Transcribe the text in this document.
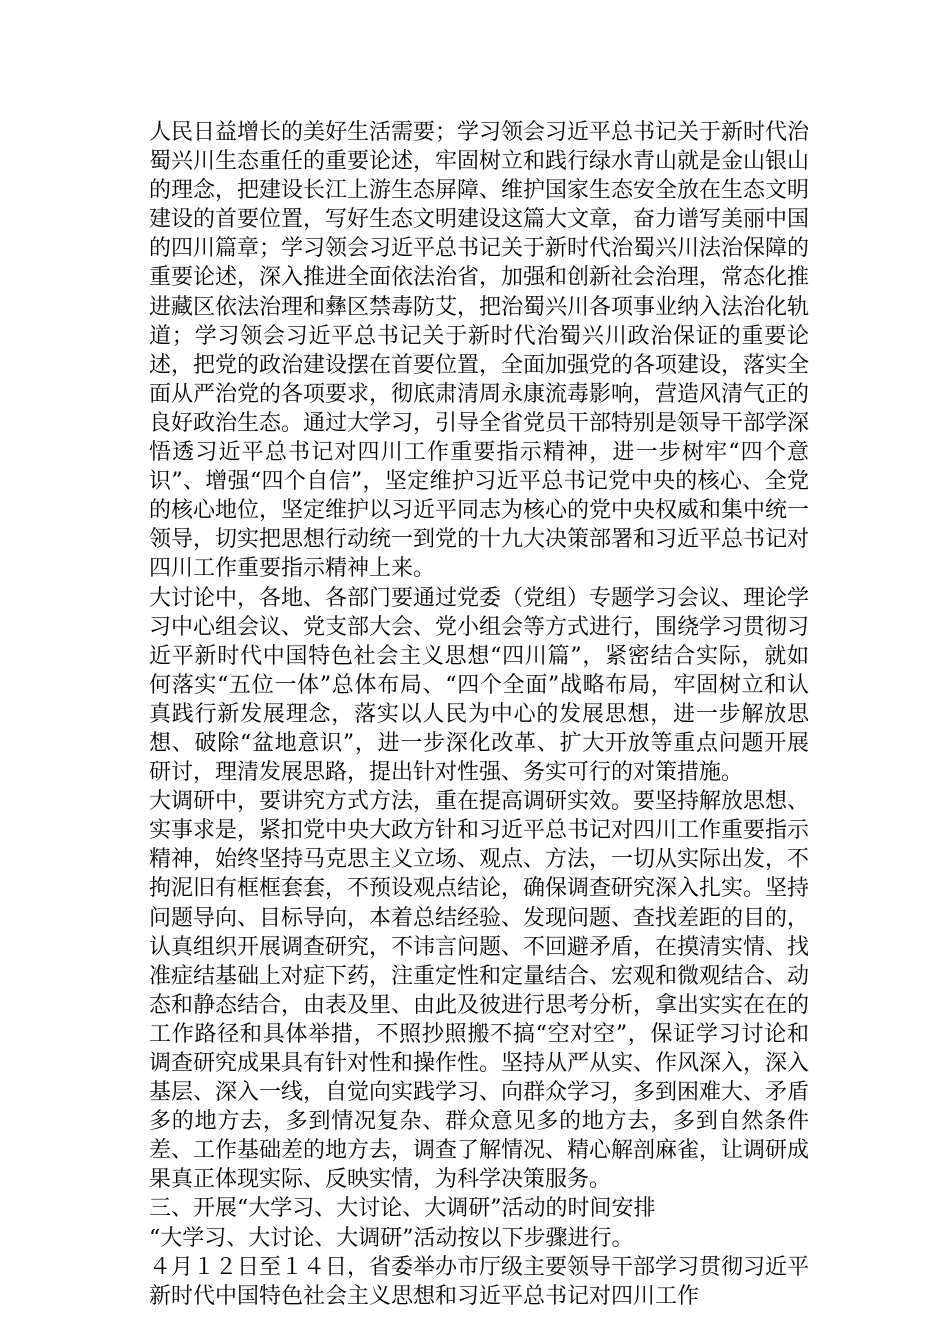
人民日益增长的美好生活需要；学习领会习近平总书记关于新时代治蜀兴川生态重任的重要论述，牢固树立和践行绿水青山就是金山银山的理念，把建设长江上游生态屏障、维护国家生态安全放在生态文明建设的首要位置，写好生态文明建设这篇大文章，奋力谱写美丽中国的四川篇章；学习领会习近平总书记关于新时代治蜀兴川法治保障的重要论述，深入推进全面依法治省，加强和创新社会治理，常态化推进藏区依法治理和彝区禁毒防艾，把治蜀兴川各项事业纳入法治化轨道；学习领会习近平总书记关于新时代治蜀兴川政治保证的重要论述，把党的政治建设摆在首要位置，全面加强党的各项建设，落实全面从严治党的各项要求，彻底肃清周永康流毒影响，营造风清气正的良好政治生态。通过大学习，引导全省党员干部特别是领导干部学深悟透习近平总书记对四川工作重要指示精神，进一步树牢“四个意识”、增强“四个自信”，坚定维护习近平总书记党中央的核心、全党的核心地位，坚定维护以习近平同志为核心的党中央权威和集中统一领导，切实把思想行动统一到党的十九大决策部署和习近平总书记对四川工作重要指示精神上来。

大讨论中，各地、各部门要通过党委（党组）专题学习会议、理论学习中心组会议、党支部大会、党小组会等方式进行，围绕学习贯彻习近平新时代中国特色社会主义思想“四川篇”，紧密结合实际，就如何落实“五位一体”总体布局、“四个全面”战略布局，牢固树立和认真践行新发展理念，落实以人民为中心的发展思想，进一步解放思想、破除“盆地意识”，进一步深化改革、扩大开放等重点问题开展研讨，理清发展思路，提出针对性强、务实可行的对策措施。

大调研中，要讲究方式方法，重在提高调研实效。要坚持解放思想、实事求是，紧扣党中央大政方针和习近平总书记对四川工作重要指示精神，始终坚持马克思主义立场、观点、方法，一切从实际出发，不拘泥旧有框框套套，不预设观点结论，确保调查研究深入扎实。坚持问题导向、目标导向，本着总结经验、发现问题、查找差距的目的，认真组织开展调查研究，不讳言问题、不回避矛盾，在摸清实情、找准症结基础上对症下药，注重定性和定量结合、宏观和微观结合、动态和静态结合，由表及里、由此及彼进行思考分析，拿出实实在在的工作路径和具体举措，不照抄照搬不搞“空对空”，保证学习讨论和调查研究成果具有针对性和操作性。坚持从严从实、作风深入，深入基层、深入一线，自觉向实践学习、向群众学习，多到困难大、矛盾多的地方去，多到情况复杂、群众意见多的地方去，多到自然条件差、工作基础差的地方去，调查了解情况、精心解剖麻雀，让调研成果真正体现实际、反映实情，为科学决策服务。

三、开展“大学习、大讨论、大调研”活动的时间安排

“大学习、大讨论、大调研”活动按以下步骤进行。

４月１２日至１４日，省委举办市厅级主要领导干部学习贯彻习近平新时代中国特色社会主义思想和习近平总书记对四川工作
